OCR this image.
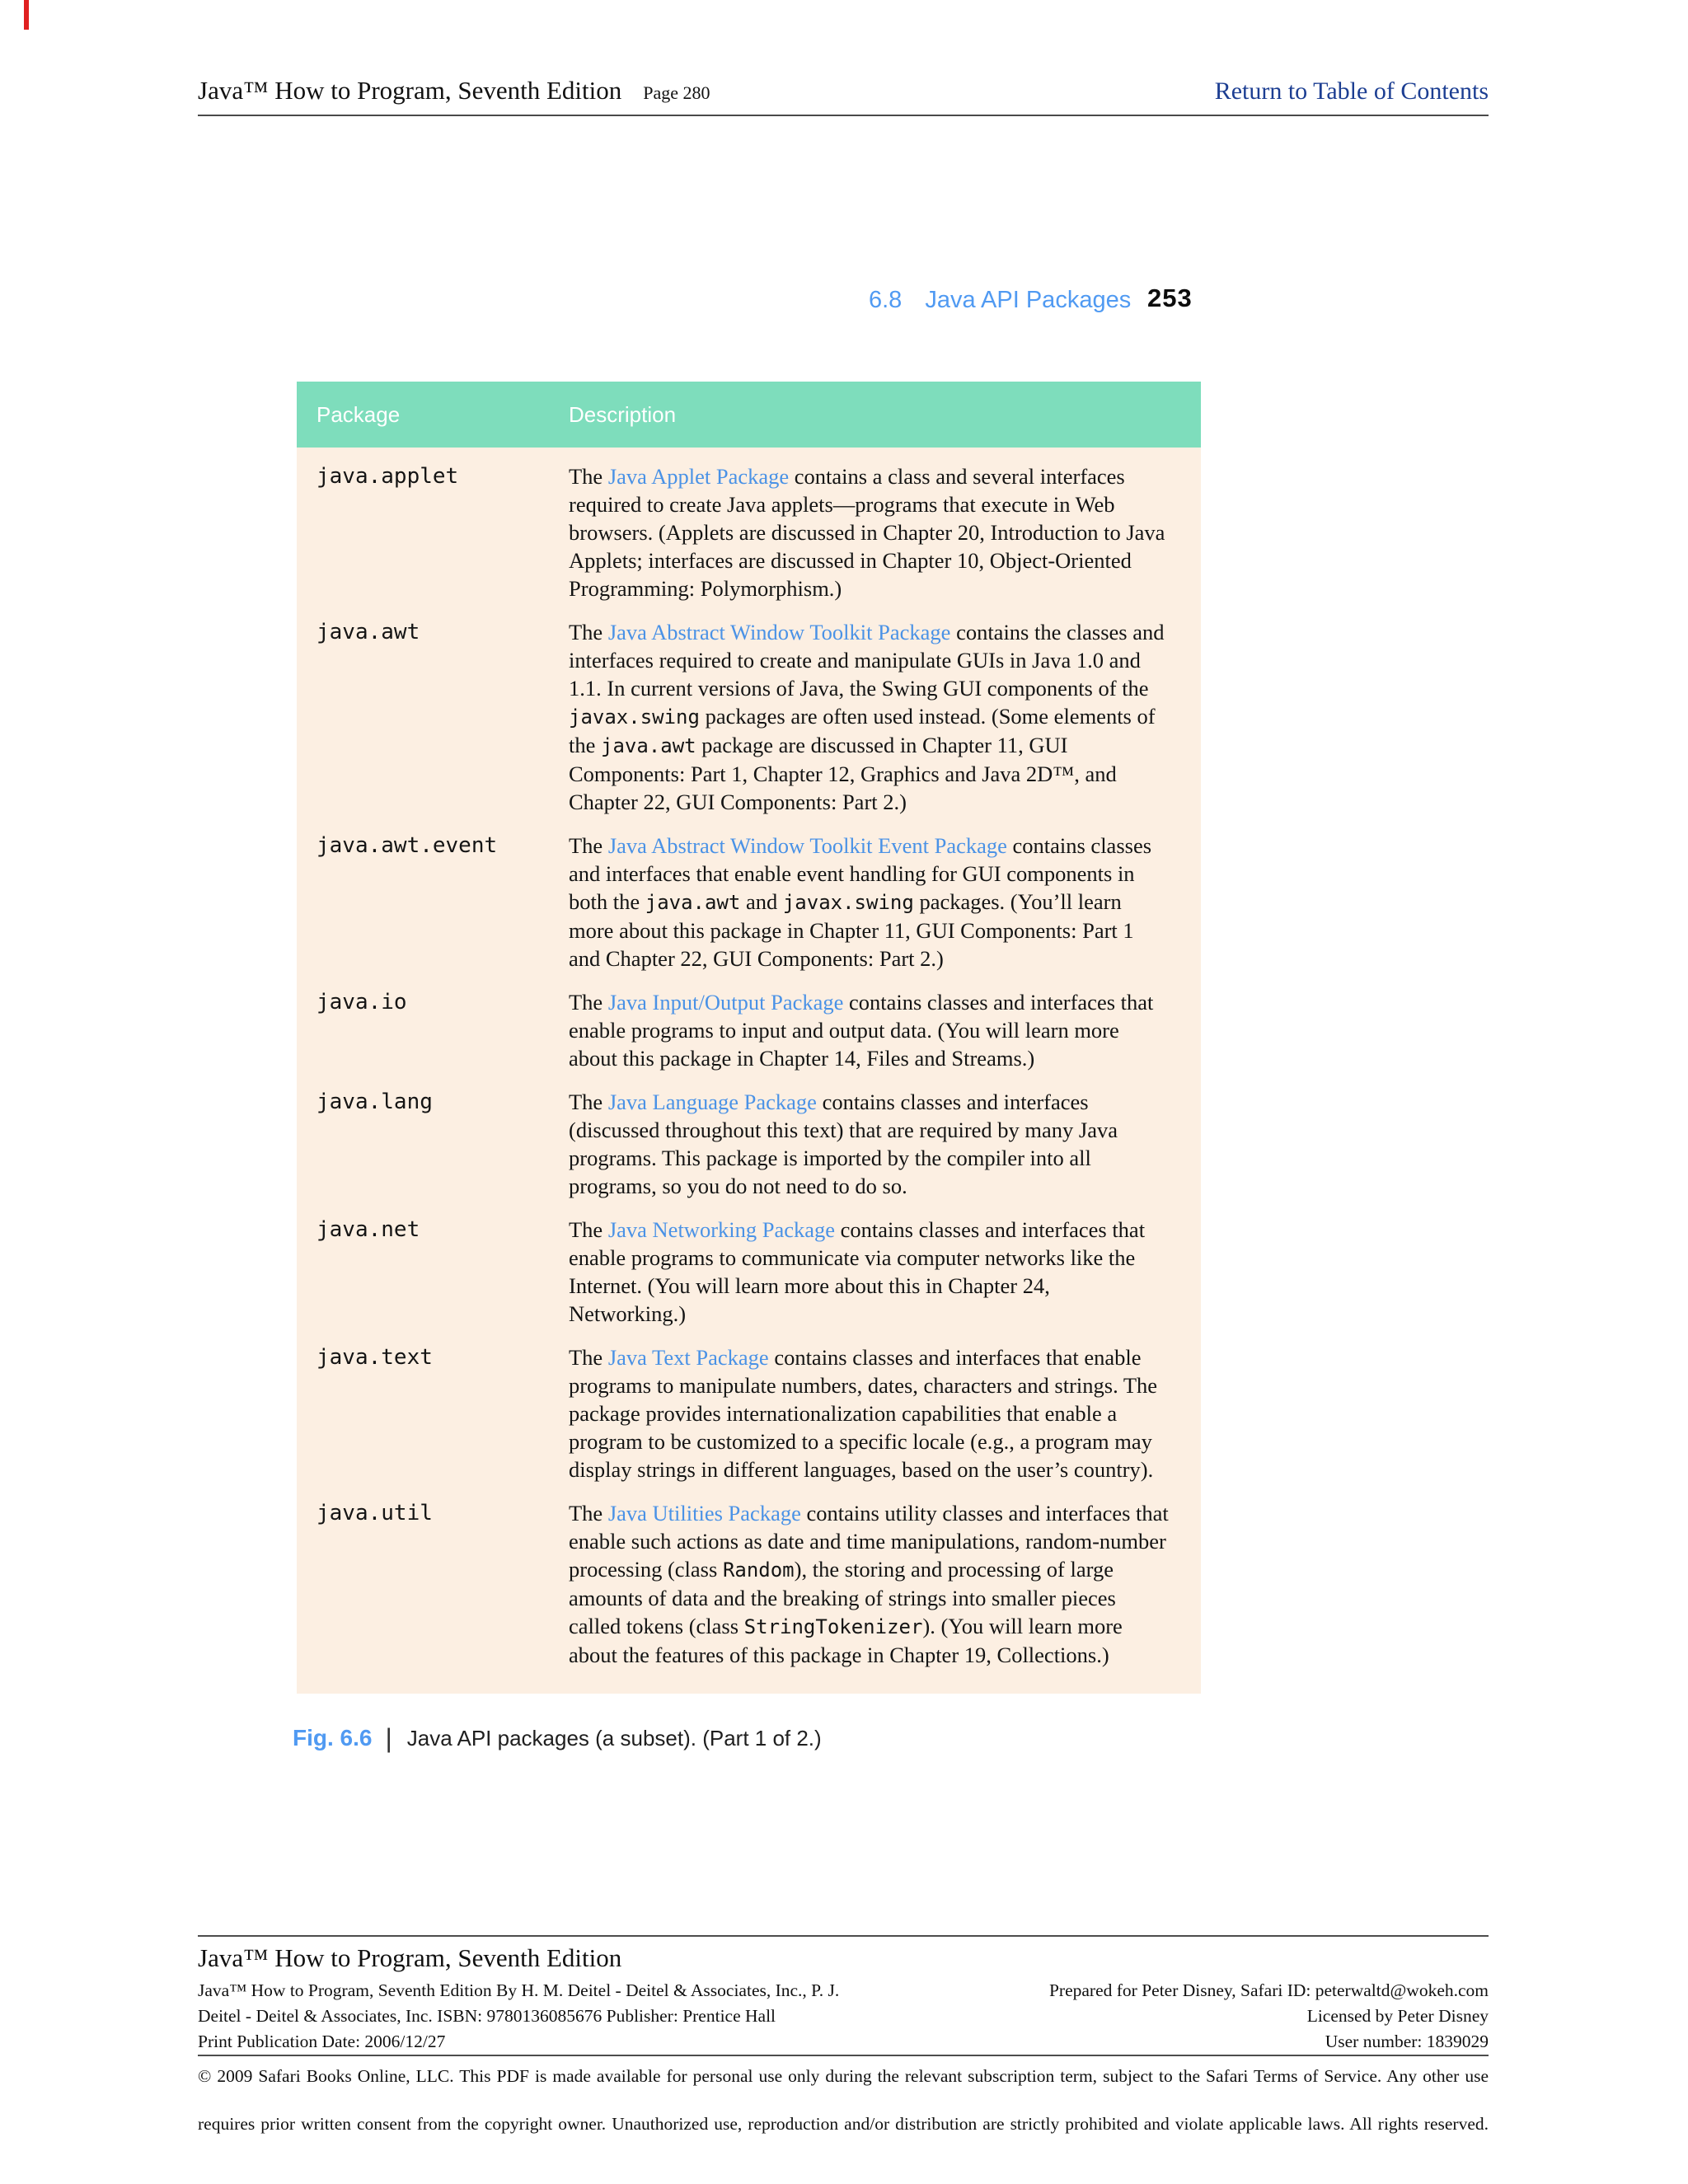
Java™ How to Program, Seventh Edition Page 280	Return to Table of Contents
6.8 Java API Packages 253
Package	Description
java.applet	The Java Applet Package contains a class and several interfaces required to create Java applets—programs that execute in Web browsers. (Applets are discussed in Chapter 20, Introduction to Java Applets; interfaces are discussed in Chapter 10, Object-Oriented Programming: Polymorphism.)
java.awt	The Java Abstract Window Toolkit Package contains the classes and interfaces required to create and manipulate GUIs in Java 1.0 and 1.1. In current versions of Java, the Swing GUI components of the javax.swing packages are often used instead. (Some elements of the java.awt package are discussed in Chapter 11, GUI Components: Part 1, Chapter 12, Graphics and Java 2D™, and Chapter 22, GUI Components: Part 2.)
java.awt.event	The Java Abstract Window Toolkit Event Package contains classes and interfaces that enable event handling for GUI components in both the java.awt and javax.swing packages. (You’ll learn more about this package in Chapter 11, GUI Components: Part 1 and Chapter 22, GUI Components: Part 2.)
java.io	The Java Input/Output Package contains classes and interfaces that enable programs to input and output data. (You will learn more about this package in Chapter 14, Files and Streams.)
java.lang	The Java Language Package contains classes and interfaces (discussed throughout this text) that are required by many Java programs. This package is imported by the compiler into all programs, so you do not need to do so.
java.net	The Java Networking Package contains classes and interfaces that enable programs to communicate via computer networks like the Internet. (You will learn more about this in Chapter 24, Networking.)
java.text	The Java Text Package contains classes and interfaces that enable programs to manipulate numbers, dates, characters and strings. The package provides internationalization capabilities that enable a program to be customized to a specific locale (e.g., a program may display strings in different languages, based on the user’s country).
java.util	The Java Utilities Package contains utility classes and interfaces that enable such actions as date and time manipulations, random-number processing (class Random), the storing and processing of large amounts of data and the breaking of strings into smaller pieces called tokens (class StringTokenizer). (You will learn more about the features of this package in Chapter 19, Collections.)
Fig. 6.6 | Java API packages (a subset). (Part 1 of 2.)
Java™ How to Program, Seventh Edition
Java™ How to Program, Seventh Edition By H. M. Deitel - Deitel & Associates, Inc., P. J.
Deitel - Deitel & Associates, Inc. ISBN: 9780136085676 Publisher: Prentice Hall
Print Publication Date: 2006/12/27
Prepared for Peter Disney, Safari ID: peterwaltd@wokeh.com
Licensed by Peter Disney
User number: 1839029
© 2009 Safari Books Online, LLC. This PDF is made available for personal use only during the relevant subscription term, subject to the Safari Terms of Service. Any other use
requires prior written consent from the copyright owner. Unauthorized use, reproduction and/or distribution are strictly prohibited and violate applicable laws. All rights reserved.
